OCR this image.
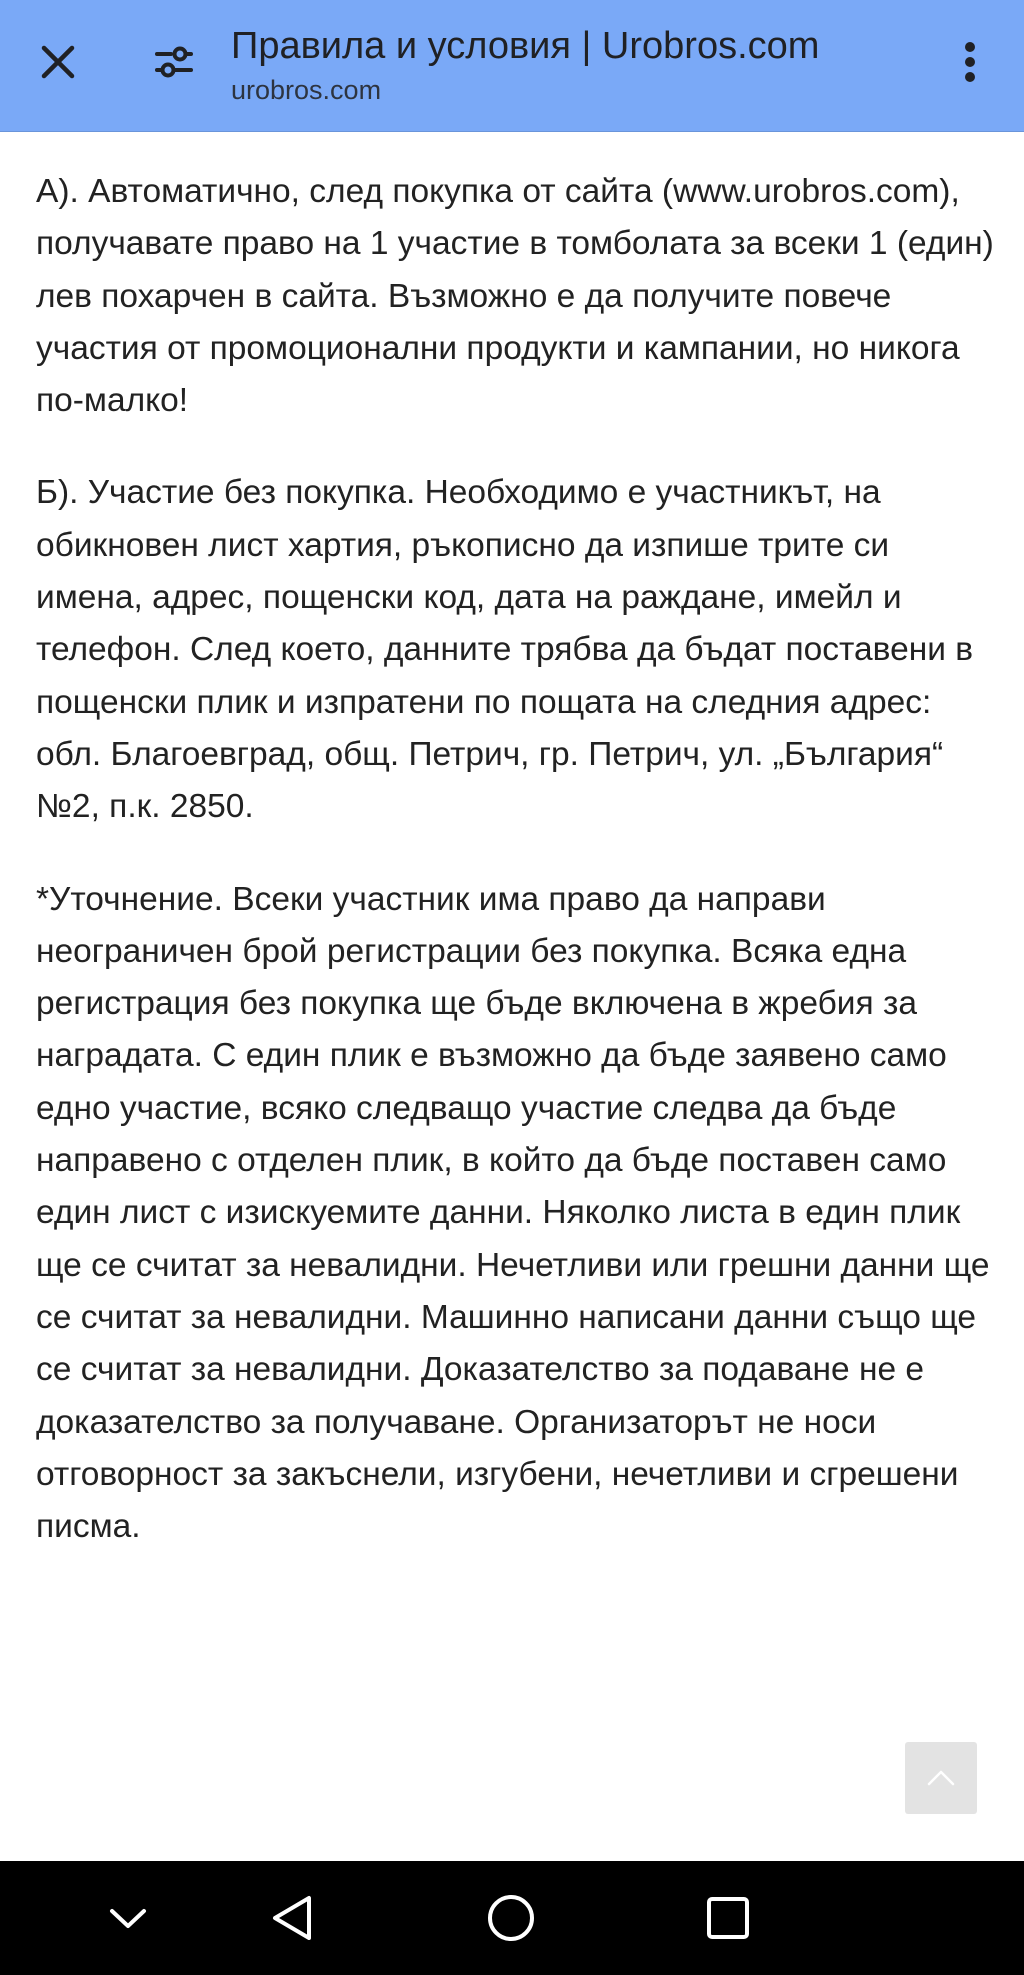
Правила и условия | Urobros.com
urobros.com

А). Автоматично, след покупка от сайта (www.urobros.com), получавате право на 1 участие в томболата за всеки 1 (един) лев похарчен в сайта. Възможно е да получите повече участия от промоционални продукти и кампании, но никога по-малко!

Б). Участие без покупка. Необходимо е участникът, на обикновен лист хартия, ръкописно да изпише трите си имена, адрес, пощенски код, дата на раждане, имейл и телефон. След което, данните трябва да бъдат поставени в пощенски плик и изпратени по пощата на следния адрес: обл. Благоевград, общ. Петрич, гр. Петрич, ул. „България“ №2, п.к. 2850.

*Уточнение. Всеки участник има право да направи неограничен брой регистрации без покупка. Всяка една регистрация без покупка ще бъде включена в жребия за наградата. С един плик е възможно да бъде заявено само едно участие, всяко следващо участие следва да бъде направено с отделен плик, в който да бъде поставен само един лист с изискуемите данни. Няколко листа в един плик ще се считат за невалидни. Нечетливи или грешни данни ще се считат за невалидни. Машинно написани данни също ще се считат за невалидни. Доказателство за подаване не е доказателство за получаване. Организаторът не носи отговорност за закъснели, изгубени, нечетливи и сгрешени писма.
